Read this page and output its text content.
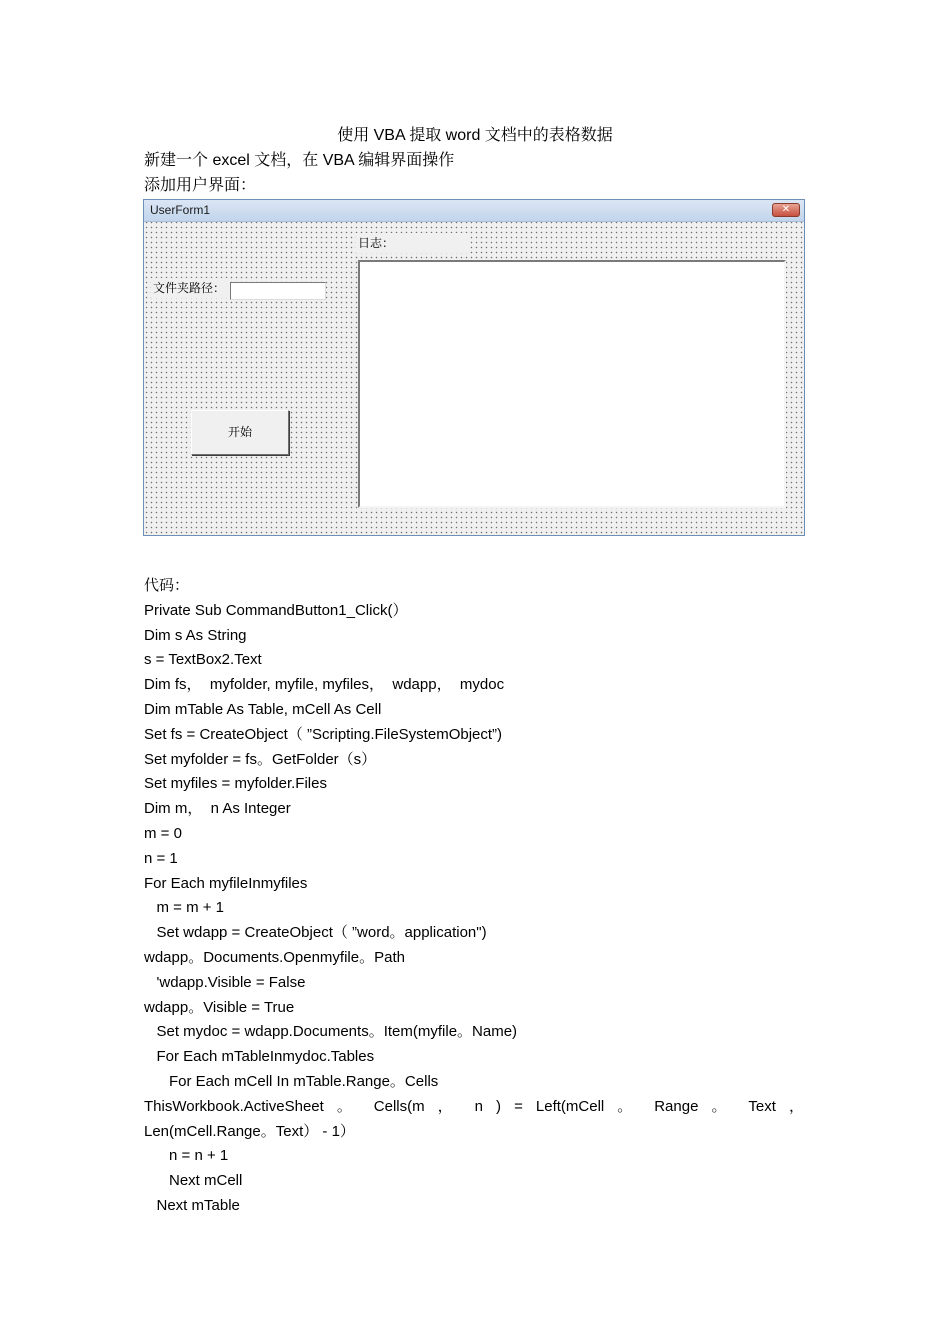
使用 VBA 提取 word 文档中的表格数据
新建一个 excel 文档，在 VBA 编辑界面操作
添加用户界面：
UserForm1	✕
日志：
文件夹路径：
开始
代码：
Private Sub CommandButton1_Click(）
Dim s As String
s = TextBox2.Text
Dim fs，  myfolder, myfile, myfiles，  wdapp，  mydoc
Dim mTable As Table, mCell As Cell
Set fs = CreateObject（ ”Scripting.FileSystemObject”)
Set myfolder = fs。GetFolder（s）
Set myfiles = myfolder.Files
Dim m，  n As Integer
m = 0
n = 1
For Each myfileInmyfiles
m = m + 1
Set wdapp = CreateObject（ ”word。application")
wdapp。Documents.Openmyfile。Path
'wdapp.Visible = False
wdapp。Visible = True
Set mydoc = wdapp.Documents。Item(myfile。Name)
For Each mTableInmydoc.Tables
For Each mCell In mTable.Range。Cells
ThisWorkbook.ActiveSheet 。 Cells(m ， n ) = Left(mCell 。 Range 。 Text ，
Len(mCell.Range。Text） - 1）
n = n + 1
Next mCell
Next mTable
